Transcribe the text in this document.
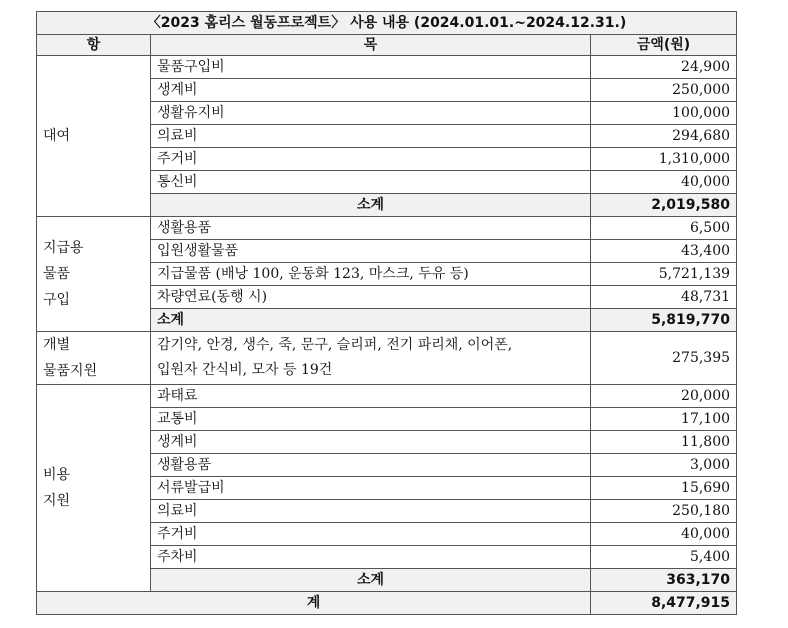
〈2023 홈리스 월동프로젝트〉 사용 내용 (2024.01.01.~2024.12.31.)		
항	목	금액(원)

대여	물품구입비	24,900
	생계비	250,000
	생활유지비	100,000
	의료비	294,680
	주거비	1,310,000
	통신비	40,000
	소계	2,019,580

지급용
물품
구입	생활용품	6,500
	입원생활물품	43,400
	지급물품 (배낭 100, 운동화 123, 마스크, 두유 등)	5,721,139
	차량연료(동행 시)	48,731
	소계	5,819,770

개별
물품지원	감기약, 안경, 생수, 죽, 문구, 슬리퍼, 전기 파리채, 이어폰,
입원자 간식비, 모자 등 19건	275,395

비용
지원	과태료	20,000
	교통비	17,100
	생계비	11,800
	생활용품	3,000
	서류발급비	15,690
	의료비	250,180
	주거비	40,000
	주차비	5,400
	소계	363,170
계		8,477,915
